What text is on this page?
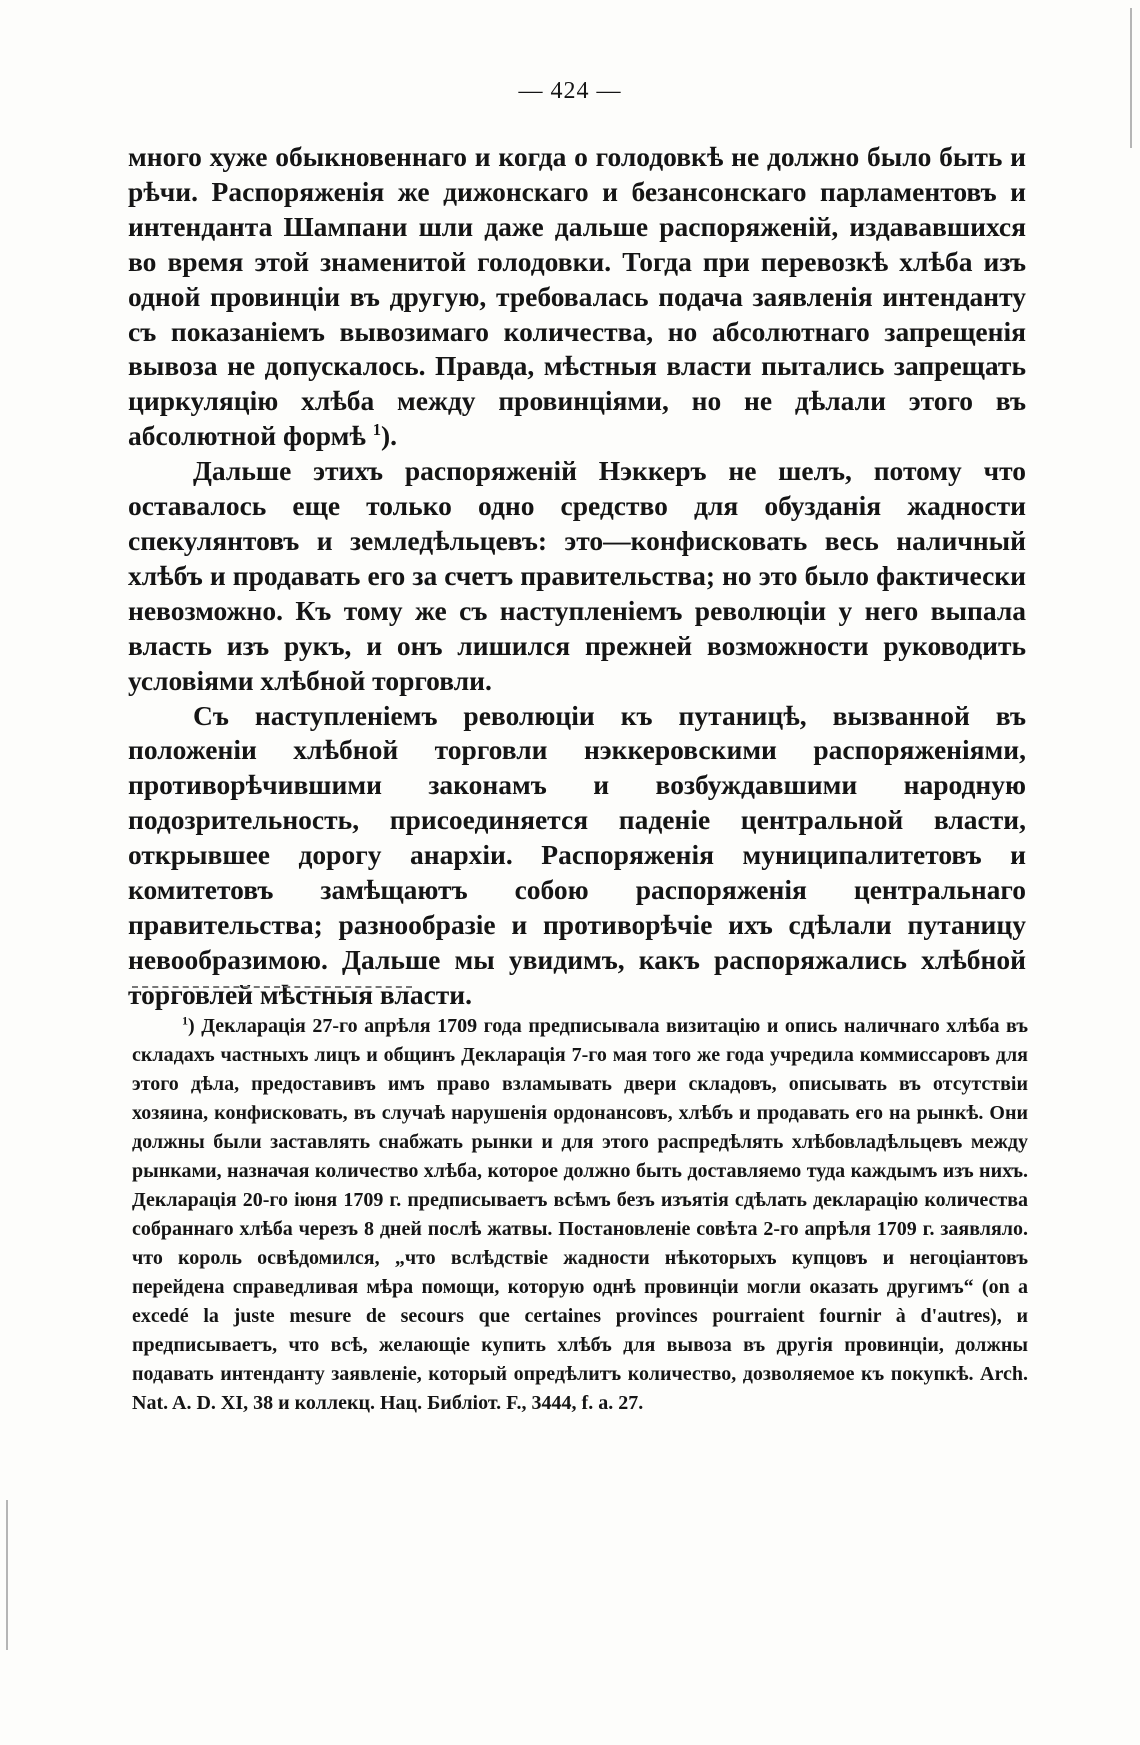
— 424 —

много хуже обыкновеннаго и когда о голодовкѣ не должно было быть и рѣчи. Распоряженія же дижонскаго и безансонскаго парламентовъ и интенданта Шампани шли даже дальше распоряженій, издававшихся во время этой знаменитой голодовки. Тогда при перевозкѣ хлѣба изъ одной провинціи въ другую, требовалась подача заявленія интенданту съ показаніемъ вывозимаго количества, но абсолютнаго запрещенія вывоза не допускалось. Правда, мѣстныя власти пытались запрещать циркуляцію хлѣба между провинціями, но не дѣлали этого въ абсолютной формѣ $^1$).

Дальше этихъ распоряженій Нэккеръ не шелъ, потому что оставалось еще только одно средство для обузданія жадности спекулянтовъ и земледѣльцевъ: это—конфисковать весь наличный хлѣбъ и продавать его за счетъ правительства; но это было фактически невозможно. Къ тому же съ наступленіемъ революціи у него выпала власть изъ рукъ, и онъ лишился прежней возможности руководить условіями хлѣбной торговли.

Съ наступленіемъ революціи къ путаницѣ, вызванной въ положеніи хлѣбной торговли нэккеровскими распоряженіями, противорѣчившими законамъ и возбуждавшими народную подозрительность, присоединяется паденіе центральной власти, открывшее дорогу анархіи. Распоряженія муниципалитетовъ и комитетовъ замѣщаютъ собою распоряженія центральнаго правительства; разнообразіе и противорѣчіе ихъ сдѣлали путаницу невообразимою. Дальше мы увидимъ, какъ распоряжались хлѣбной торговлей мѣстныя власти.

$^1$) Декларація 27-го апрѣля 1709 года предписывала визитацію и опись наличнаго хлѣба въ складахъ частныхъ лицъ и общинъ Декларація 7-го мая того же года учредила коммиссаровъ для этого дѣла, предоставивъ имъ право взламывать двери складовъ, описывать въ отсутствіи хозяина, конфисковать, въ случаѣ нарушенія ордонансовъ, хлѣбъ и продавать его на рынкѣ. Они должны были заставлять снабжать рынки и для этого распредѣлять хлѣбовладѣльцевъ между рынками, назначая количество хлѣба, которое должно быть доставляемо туда каждымъ изъ нихъ. Декларація 20-го іюня 1709 г. предписываетъ всѣмъ безъ изъятія сдѣлать декларацію количества собраннаго хлѣба черезъ 8 дней послѣ жатвы. Постановленіе совѣта 2-го апрѣля 1709 г. заявляло. что король освѣдомился, „что вслѣдствіе жадности нѣкоторыхъ купцовъ и негоціантовъ перейдена справедливая мѣра помощи, которую однѣ провинціи могли оказать другимъ“ (on a excedé la juste mesure de secours que certaines provinces pourraient fournir à d'autres), и предписываетъ, что всѣ, желающіе купить хлѣбъ для вывоза въ другія провинціи, должны подавать интенданту заявленіе, который опредѣлитъ количество, дозволяемое къ покупкѣ. Arch. Nat. A. D. XI, 38 и коллекц. Нац. Библіот. F., 3444, f. a. 27.
